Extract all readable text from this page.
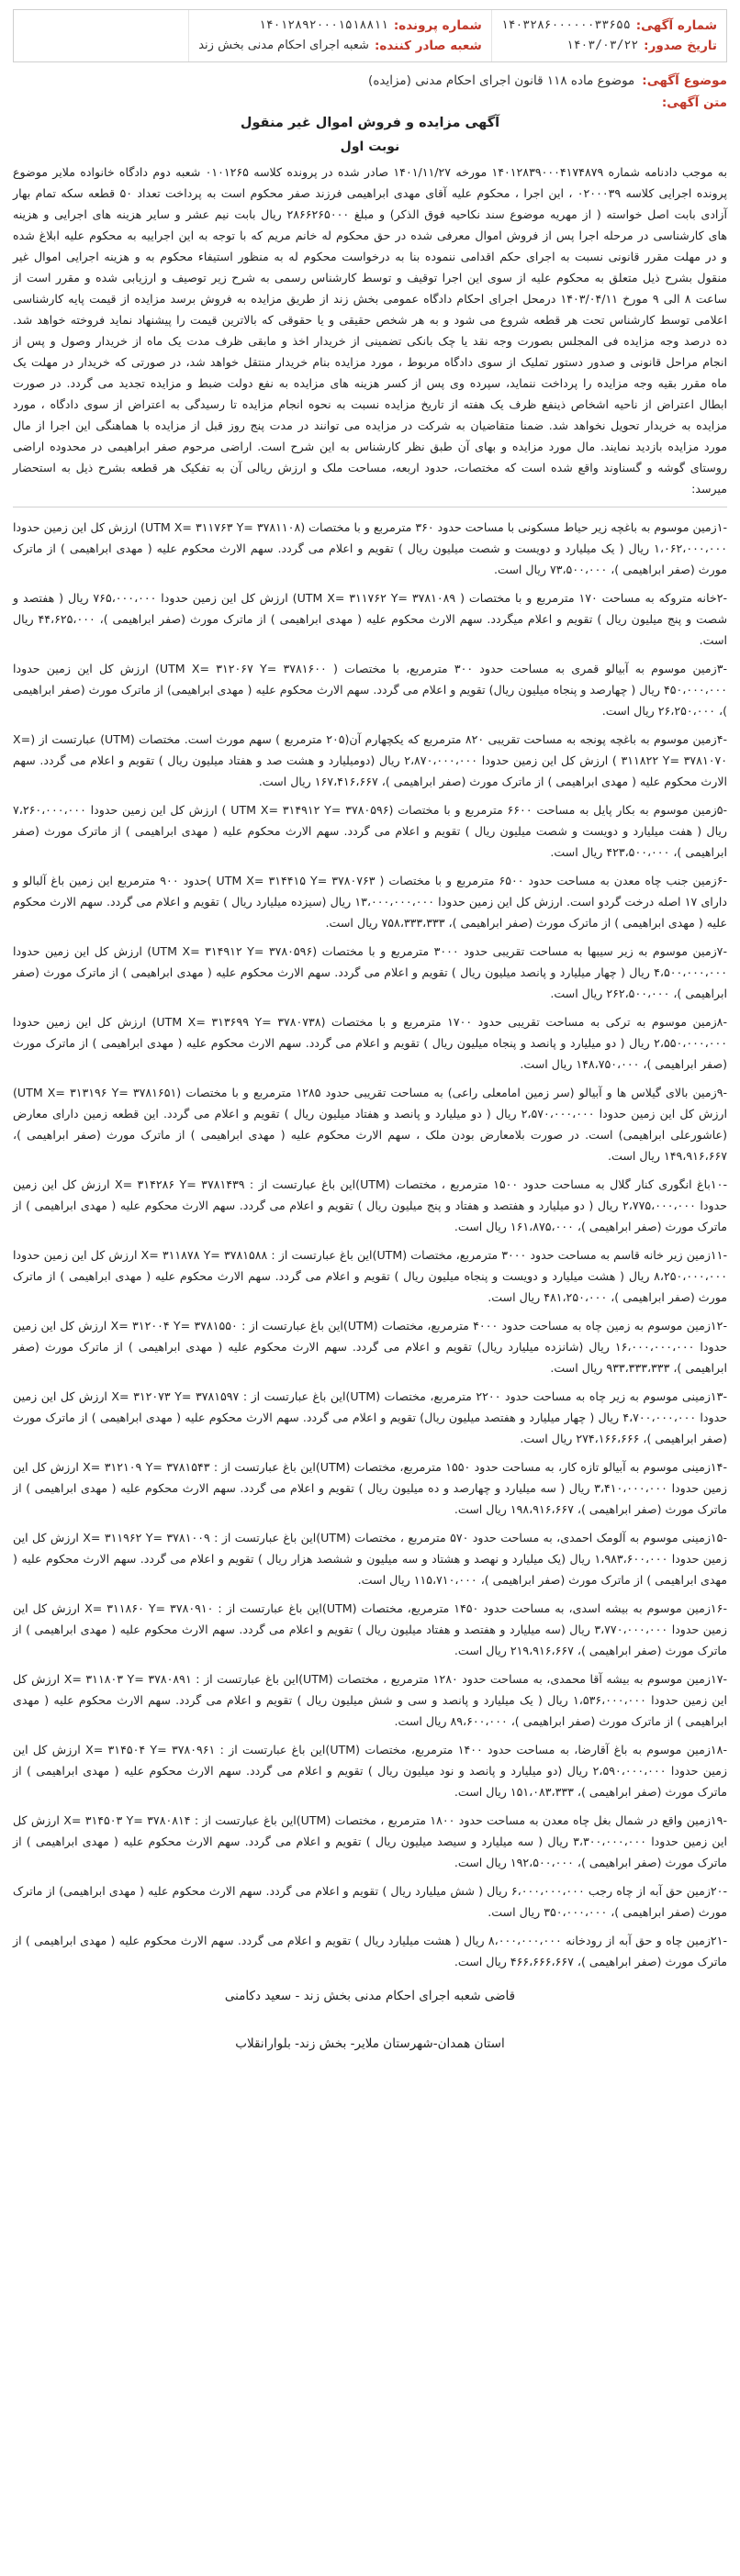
شماره آگهی:
۱۴۰۳۲۸۶۰۰۰۰۰۰۳۳۶۵۵
تاریخ صدور:
۱۴۰۳/۰۳/۲۲
شماره پرونده:
۱۴۰۱۲۸۹۲۰۰۰۱۵۱۸۸۱۱
شعبه صادر کننده:
شعبه اجرای احکام مدنی بخش زند
موضوع آگهی:
موضوع ماده ۱۱۸ قانون اجرای احکام مدنی (مزایده)
متن آگهی:
آگهی مزایده و فروش اموال غیر منقول
نوبت اول
به موجب دادنامه شماره ۱۴۰۱۲۸۳۹۰۰۰۴۱۷۴۸۷۹ مورخه ۱۴۰۱/۱۱/۲۷ صادر شده در پرونده کلاسه ۰۱۰۱۲۶۵ شعبه دوم دادگاه خانواده ملایر موضوع پرونده اجرایی کلاسه ۰۲۰۰۰۳۹ ، این اجرا ، محکوم علیه آقای مهدی ابراهیمی فرزند صفر محکوم است به پرداخت تعداد ۵۰ قطعه سکه تمام بهار آزادی بابت اصل خواسته ( از مهریه موضوع سند نکاحیه فوق الذکر) و مبلغ ۲۸۶۶۲۶۵۰۰۰ ریال بابت نیم عشر و سایر هزینه های اجرایی و هزینه های کارشناسی در مرحله اجرا پس از فروش اموال معرفی شده در حق محکوم له خانم مریم که با توجه به این اجراییه به محکوم علیه ابلاغ شده و در مهلت مقرر قانونی نسبت به اجرای حکم اقدامی ننموده بنا به درخواست محکوم له به منظور استیفاء محکوم به و هزینه اجرایی اموال غیر منقول بشرح ذیل متعلق به محکوم علیه از سوی این اجرا توقیف و توسط کارشناس رسمی به شرح زیر توصیف و ارزیابی شده و مقرر است از ساعت ۸ الی ۹ مورخ ۱۴۰۳/۰۴/۱۱ درمحل اجرای احکام دادگاه عمومی بخش زند از طریق مزایده به فروش برسد مزایده از قیمت پایه کارشناسی اعلامی توسط کارشناس تحت هر قطعه شروع می شود و به هر شخص حقیقی و یا حقوقی که بالاترین قیمت را پیشنهاد نماید فروخته خواهد شد. ده درصد وجه مزایده فی المجلس بصورت وجه نقد یا چک بانکی تضمینی از خریدار اخذ و مابقی ظرف مدت یک ماه از خریدار وصول و پس از انجام مراحل قانونی و صدور دستور تملیک از سوی دادگاه مربوط ، مورد مزایده بنام خریدار منتقل خواهد شد، در صورتی که خریدار در مهلت یک ماه مقرر بقیه وجه مزایده را پرداخت ننماید، سپرده وی پس از کسر هزینه های مزایده به نفع دولت ضبط و مزایده تجدید می گردد. در صورت ابطال اعتراض از ناحیه اشخاص ذینفع ظرف یک هفته از تاریخ مزایده نسبت به نحوه انجام مزایده تا رسیدگی به اعتراض از سوی دادگاه ، مورد مزایده به خریدار تحویل نخواهد شد. ضمنا متقاضیان به شرکت در مزایده می توانند در مدت پنج روز قبل از مزایده با هماهنگی این اجرا از مال مورد مزایده بازدید نمایند. مال مورد مزایده و بهای آن طبق نظر کارشناس به این شرح است. اراضی مرحوم صفر ابراهیمی در محدوده اراضی روستای گوشه و گسناوند واقع شده است که مختصات، حدود اربعه، مساحت ملک و ارزش ریالی آن به تفکیک هر قطعه بشرح ذیل به استحضار میرسد:
-۱زمین موسوم به باغچه زیر حیاط مسکونی با مساحت حدود ۳۶۰ مترمربع و با مختصات (UTM X= ۳۱۱۷۶۳ Y= ۳۷۸۱۱۰۸) ارزش کل این زمین حدودا ۱،۰۶۲،۰۰۰،۰۰۰ ریال ( یک میلیارد و دویست و شصت میلیون ریال ) تقویم و اعلام می گردد. سهم الارث محکوم علیه ( مهدی ابراهیمی ) از ماترک مورث (صفر ابراهیمی )، ۷۳،۵۰۰،۰۰۰ ریال است.
-۲خانه متروکه به مساحت ۱۷۰ مترمربع و با مختصات ( UTM X= ۳۱۱۷۶۲ Y= ۳۷۸۱۰۸۹) ارزش کل این زمین حدودا ۷۶۵،۰۰۰،۰۰۰ ریال ( هفتصد و شصت و پنج میلیون ریال ) تقویم و اعلام میگردد. سهم الارث محکوم علیه ( مهدی ابراهیمی ) از ماترک مورث (صفر ابراهیمی )، ۴۴،۶۲۵،۰۰۰ ریال است.
-۳زمین موسوم به آبیالو قمری به مساحت حدود ۳۰۰ مترمربع، با مختصات ( UTM X= ۳۱۲۰۶۷ Y= ۳۷۸۱۶۰۰) ارزش کل این زمین حدودا ۴۵۰،۰۰۰،۰۰۰ ریال ( چهارصد و پنجاه میلیون ریال) تقویم و اعلام می گردد. سهم الارث محکوم علیه ( مهدی ابراهیمی) از ماترک مورث (صفر ابراهیمی )، ۲۶،۲۵۰،۰۰۰ ریال است.
-۴زمین موسوم به باغچه پونجه به مساحت تقریبی ۸۲۰ مترمربع که یکچهارم آن(۲۰۵ مترمربع ) سهم مورث است. مختصات (UTM) عبارتست از (X= ۳۱۱۸۲۲ Y= ۳۷۸۱۰۷۰ ) ارزش کل این زمین حدودا ۲،۸۷۰،۰۰۰،۰۰۰ ریال (دومیلیارد و هشت صد و هفتاد میلیون ریال ) تقویم و اعلام می گردد. سهم الارث محکوم علیه ( مهدی ابراهیمی ) از ماترک مورث (صفر ابراهیمی )، ۱۶۷،۴۱۶،۶۶۷ ریال است.
-۵زمین موسوم به بکار پایل به مساحت ۶۶۰۰ مترمربع و با مختصات (UTM X= ۳۱۴۹۱۲ Y= ۳۷۸۰۵۹۶ ) ارزش کل این زمین حدودا ۷،۲۶۰،۰۰۰،۰۰۰ ریال ( هفت میلیارد و دویست و شصت میلیون ریال ) تقویم و اعلام می گردد. سهم الارث محکوم علیه ( مهدی ابراهیمی ) از ماترک مورث (صفر ابراهیمی )، ۴۲۳،۵۰۰،۰۰۰ ریال است.
-۶زمین جنب چاه معدن به مساحت حدود ۶۵۰۰ مترمربع و با مختصات ( UTM X= ۳۱۴۴۱۵ Y= ۳۷۸۰۷۶۳ )حدود ۹۰۰ مترمربع این زمین باغ آلبالو و دارای ۱۷ اصله درخت گردو است. ارزش کل این زمین حدودا ۱۳،۰۰۰،۰۰۰،۰۰۰ ریال (سیزده میلیارد ریال ) تقویم و اعلام می گردد. سهم الارث محکوم علیه ( مهدی ابراهیمی ) از ماترک مورث (صفر ابراهیمی )، ۷۵۸،۳۳۳،۳۳۳ ریال است.
-۷زمین موسوم به زیر سیبها به مساحت تقریبی حدود ۳۰۰۰ مترمربع و با مختصات (UTM X= ۳۱۴۹۱۲ Y= ۳۷۸۰۵۹۶) ارزش کل این زمین حدودا ۴،۵۰۰،۰۰۰،۰۰۰ ریال ( چهار میلیارد و پانصد میلیون ریال ) تقویم و اعلام می گردد. سهم الارث محکوم علیه ( مهدی ابراهیمی ) از ماترک مورث (صفر ابراهیمی )، ۲۶۲،۵۰۰،۰۰۰ ریال است.
-۸زمین موسوم به ترکی به مساحت تقریبی حدود ۱۷۰۰ مترمربع و با مختصات (UTM X= ۳۱۳۶۹۹ Y= ۳۷۸۰۷۳۸) ارزش کل این زمین حدودا ۲،۵۵۰،۰۰۰،۰۰۰ ریال ( دو میلیارد و پانصد و پنجاه میلیون ریال ) تقویم و اعلام می گردد. سهم الارث محکوم علیه ( مهدی ابراهیمی ) از ماترک مورث (صفر ابراهیمی )، ۱۴۸،۷۵۰،۰۰۰ ریال است.
-۹زمین بالای گیلاس ها و آبیالو (سر زمین امامعلی راعی) به مساحت تقریبی حدود ۱۲۸۵ مترمربع و با مختصات (UTM X= ۳۱۳۱۹۶ Y= ۳۷۸۱۶۵۱) ارزش کل این زمین حدودا ۲،۵۷۰،۰۰۰،۰۰۰ ریال ( دو میلیارد و پانصد و هفتاد میلیون ریال ) تقویم و اعلام می گردد. این قطعه زمین دارای معارض (عاشورعلی ابراهیمی) است. در صورت بلامعارض بودن ملک ، سهم الارث محکوم علیه ( مهدی ابراهیمی ) از ماترک مورث (صفر ابراهیمی )، ۱۴۹،۹۱۶،۶۶۷ ریال است.
-۱۰باغ انگوری کنار گلال به مساحت حدود ۱۵۰۰ مترمربع ، مختصات (UTM)این باغ عبارتست از : X= ۳۱۴۲۸۶ Y= ۳۷۸۱۴۳۹ ارزش کل این زمین حدودا ۲،۷۷۵،۰۰۰،۰۰۰ ریال ( دو میلیارد و هفتصد و هفتاد و پنج میلیون ریال ) تقویم و اعلام می گردد. سهم الارث محکوم علیه ( مهدی ابراهیمی ) از ماترک مورث (صفر ابراهیمی )، ۱۶۱،۸۷۵،۰۰۰ ریال است.
-۱۱زمین زیر خانه قاسم به مساحت حدود ۳۰۰۰ مترمربع، مختصات (UTM)این باغ عبارتست از : X= ۳۱۱۸۷۸ Y= ۳۷۸۱۵۸۸ ارزش کل این زمین حدودا ۸،۲۵۰،۰۰۰،۰۰۰ ریال ( هشت میلیارد و دویست و پنجاه میلیون ریال ) تقویم و اعلام می گردد. سهم الارث محکوم علیه ( مهدی ابراهیمی ) از ماترک مورث (صفر ابراهیمی )، ۴۸۱،۲۵۰،۰۰۰ ریال است.
-۱۲زمین موسوم به زمین چاه به مساحت حدود ۴۰۰۰ مترمربع، مختصات (UTM)این باغ عبارتست از : X= ۳۱۲۰۰۴ Y= ۳۷۸۱۵۵۰ ارزش کل این زمین حدودا ۱۶،۰۰۰،۰۰۰،۰۰۰ ریال (شانزده میلیارد ریال) تقویم و اعلام می گردد. سهم الارث محکوم علیه ( مهدی ابراهیمی ) از ماترک مورث (صفر ابراهیمی )، ۹۳۳،۳۳۳،۳۳۳ ریال است.
-۱۳زمینی موسوم به زیر چاه به مساحت حدود ۲۲۰۰ مترمربع، مختصات (UTM)این باغ عبارتست از : X= ۳۱۲۰۷۳ Y= ۳۷۸۱۵۹۷ ارزش کل این زمین حدودا ۴،۷۰۰،۰۰۰،۰۰۰ ریال ( چهار میلیارد و هفتصد میلیون ریال) تقویم و اعلام می گردد. سهم الارث محکوم علیه ( مهدی ابراهیمی ) از ماترک مورث (صفر ابراهیمی )، ۲۷۴،۱۶۶،۶۶۶ ریال است.
-۱۴زمینی موسوم به آبیالو تازه کار، به مساحت حدود ۱۵۵۰ مترمربع، مختصات (UTM)این باغ عبارتست از : X= ۳۱۲۱۰۹ Y= ۳۷۸۱۵۴۳ ارزش کل این زمین حدودا ۳،۴۱۰،۰۰۰،۰۰۰ ریال ( سه میلیارد و چهارصد و ده میلیون ریال ) تقویم و اعلام می گردد. سهم الارث محکوم علیه ( مهدی ابراهیمی ) از ماترک مورث (صفر ابراهیمی )، ۱۹۸،۹۱۶،۶۶۷ ریال است.
-۱۵زمینی موسوم به آلومک احمدی، به مساحت حدود ۵۷۰ مترمربع ، مختصات (UTM)این باغ عبارتست از : X= ۳۱۱۹۶۲ Y= ۳۷۸۱۰۰۹ ارزش کل این زمین حدودا ۱،۹۸۳،۶۰۰،۰۰۰ ریال (یک میلیارد و نهصد و هشتاد و سه میلیون و ششصد هزار ریال ) تقویم و اعلام می گردد. سهم الارث محکوم علیه ( مهدی ابراهیمی ) از ماترک مورث (صفر ابراهیمی )، ۱۱۵،۷۱۰،۰۰۰ ریال است.
-۱۶زمین موسوم به بیشه اسدی، به مساحت حدود ۱۴۵۰ مترمربع، مختصات (UTM)این باغ عبارتست از : X= ۳۱۱۸۶۰ Y= ۳۷۸۰۹۱۰ ارزش کل این زمین حدودا ۳،۷۷۰،۰۰۰،۰۰۰ ریال (سه میلیارد و هفتصد و هفتاد میلیون ریال ) تقویم و اعلام می گردد. سهم الارث محکوم علیه ( مهدی ابراهیمی ) از ماترک مورث (صفر ابراهیمی )، ۲۱۹،۹۱۶،۶۶۷ ریال است.
-۱۷زمین موسوم به بیشه آقا محمدی، به مساحت حدود ۱۲۸۰ مترمربع ، مختصات (UTM)این باغ عبارتست از : X= ۳۱۱۸۰۳ Y= ۳۷۸۰۸۹۱ ارزش کل این زمین حدودا ۱،۵۳۶،۰۰۰،۰۰۰ ریال ( یک میلیارد و پانصد و سی و شش میلیون ریال ) تقویم و اعلام می گردد. سهم الارث محکوم علیه ( مهدی ابراهیمی ) از ماترک مورث (صفر ابراهیمی )، ۸۹،۶۰۰،۰۰۰ ریال است.
-۱۸زمین موسوم به باغ آقارضا، به مساحت حدود ۱۴۰۰ مترمربع، مختصات (UTM)این باغ عبارتست از : X= ۳۱۴۵۰۴ Y= ۳۷۸۰۹۶۱ ارزش کل این زمین حدودا ۲،۵۹۰،۰۰۰،۰۰۰ ریال (دو میلیارد و پانصد و نود میلیون ریال ) تقویم و اعلام می گردد. سهم الارث محکوم علیه ( مهدی ابراهیمی ) از ماترک مورث (صفر ابراهیمی )، ۱۵۱،۰۸۳،۳۳۳ ریال است.
-۱۹زمین واقع در شمال بغل چاه معدن به مساحت حدود ۱۸۰۰ مترمربع ، مختصات (UTM)این باغ عبارتست از : X= ۳۱۴۵۰۳ Y= ۳۷۸۰۸۱۴ ارزش کل این زمین حدودا ۳،۳۰۰،۰۰۰،۰۰۰ ریال ( سه میلیارد و سیصد میلیون ریال ) تقویم و اعلام می گردد. سهم الارث محکوم علیه ( مهدی ابراهیمی ) از ماترک مورث (صفر ابراهیمی )، ۱۹۲،۵۰۰،۰۰۰ ریال است.
-۲۰زمین حق آبه از چاه رجب ۶،۰۰۰،۰۰۰،۰۰۰ ریال ( شش میلیارد ریال ) تقویم و اعلام می گردد. سهم الارث محکوم علیه ( مهدی ابراهیمی) از ماترک مورث (صفر ابراهیمی )، ۳۵۰،۰۰۰،۰۰۰ ریال است.
-۲۱زمین چاه و حق آبه از رودخانه ۸،۰۰۰،۰۰۰،۰۰۰ ریال ( هشت میلیارد ریال ) تقویم و اعلام می گردد. سهم الارث محکوم علیه ( مهدی ابراهیمی ) از ماترک مورث (صفر ابراهیمی )، ۴۶۶،۶۶۶،۶۶۷ ریال است.
قاضی شعبه اجرای احکام مدنی بخش زند - سعید دکامنی
استان همدان-شهرستان ملایر- بخش زند- بلوارانقلاب
